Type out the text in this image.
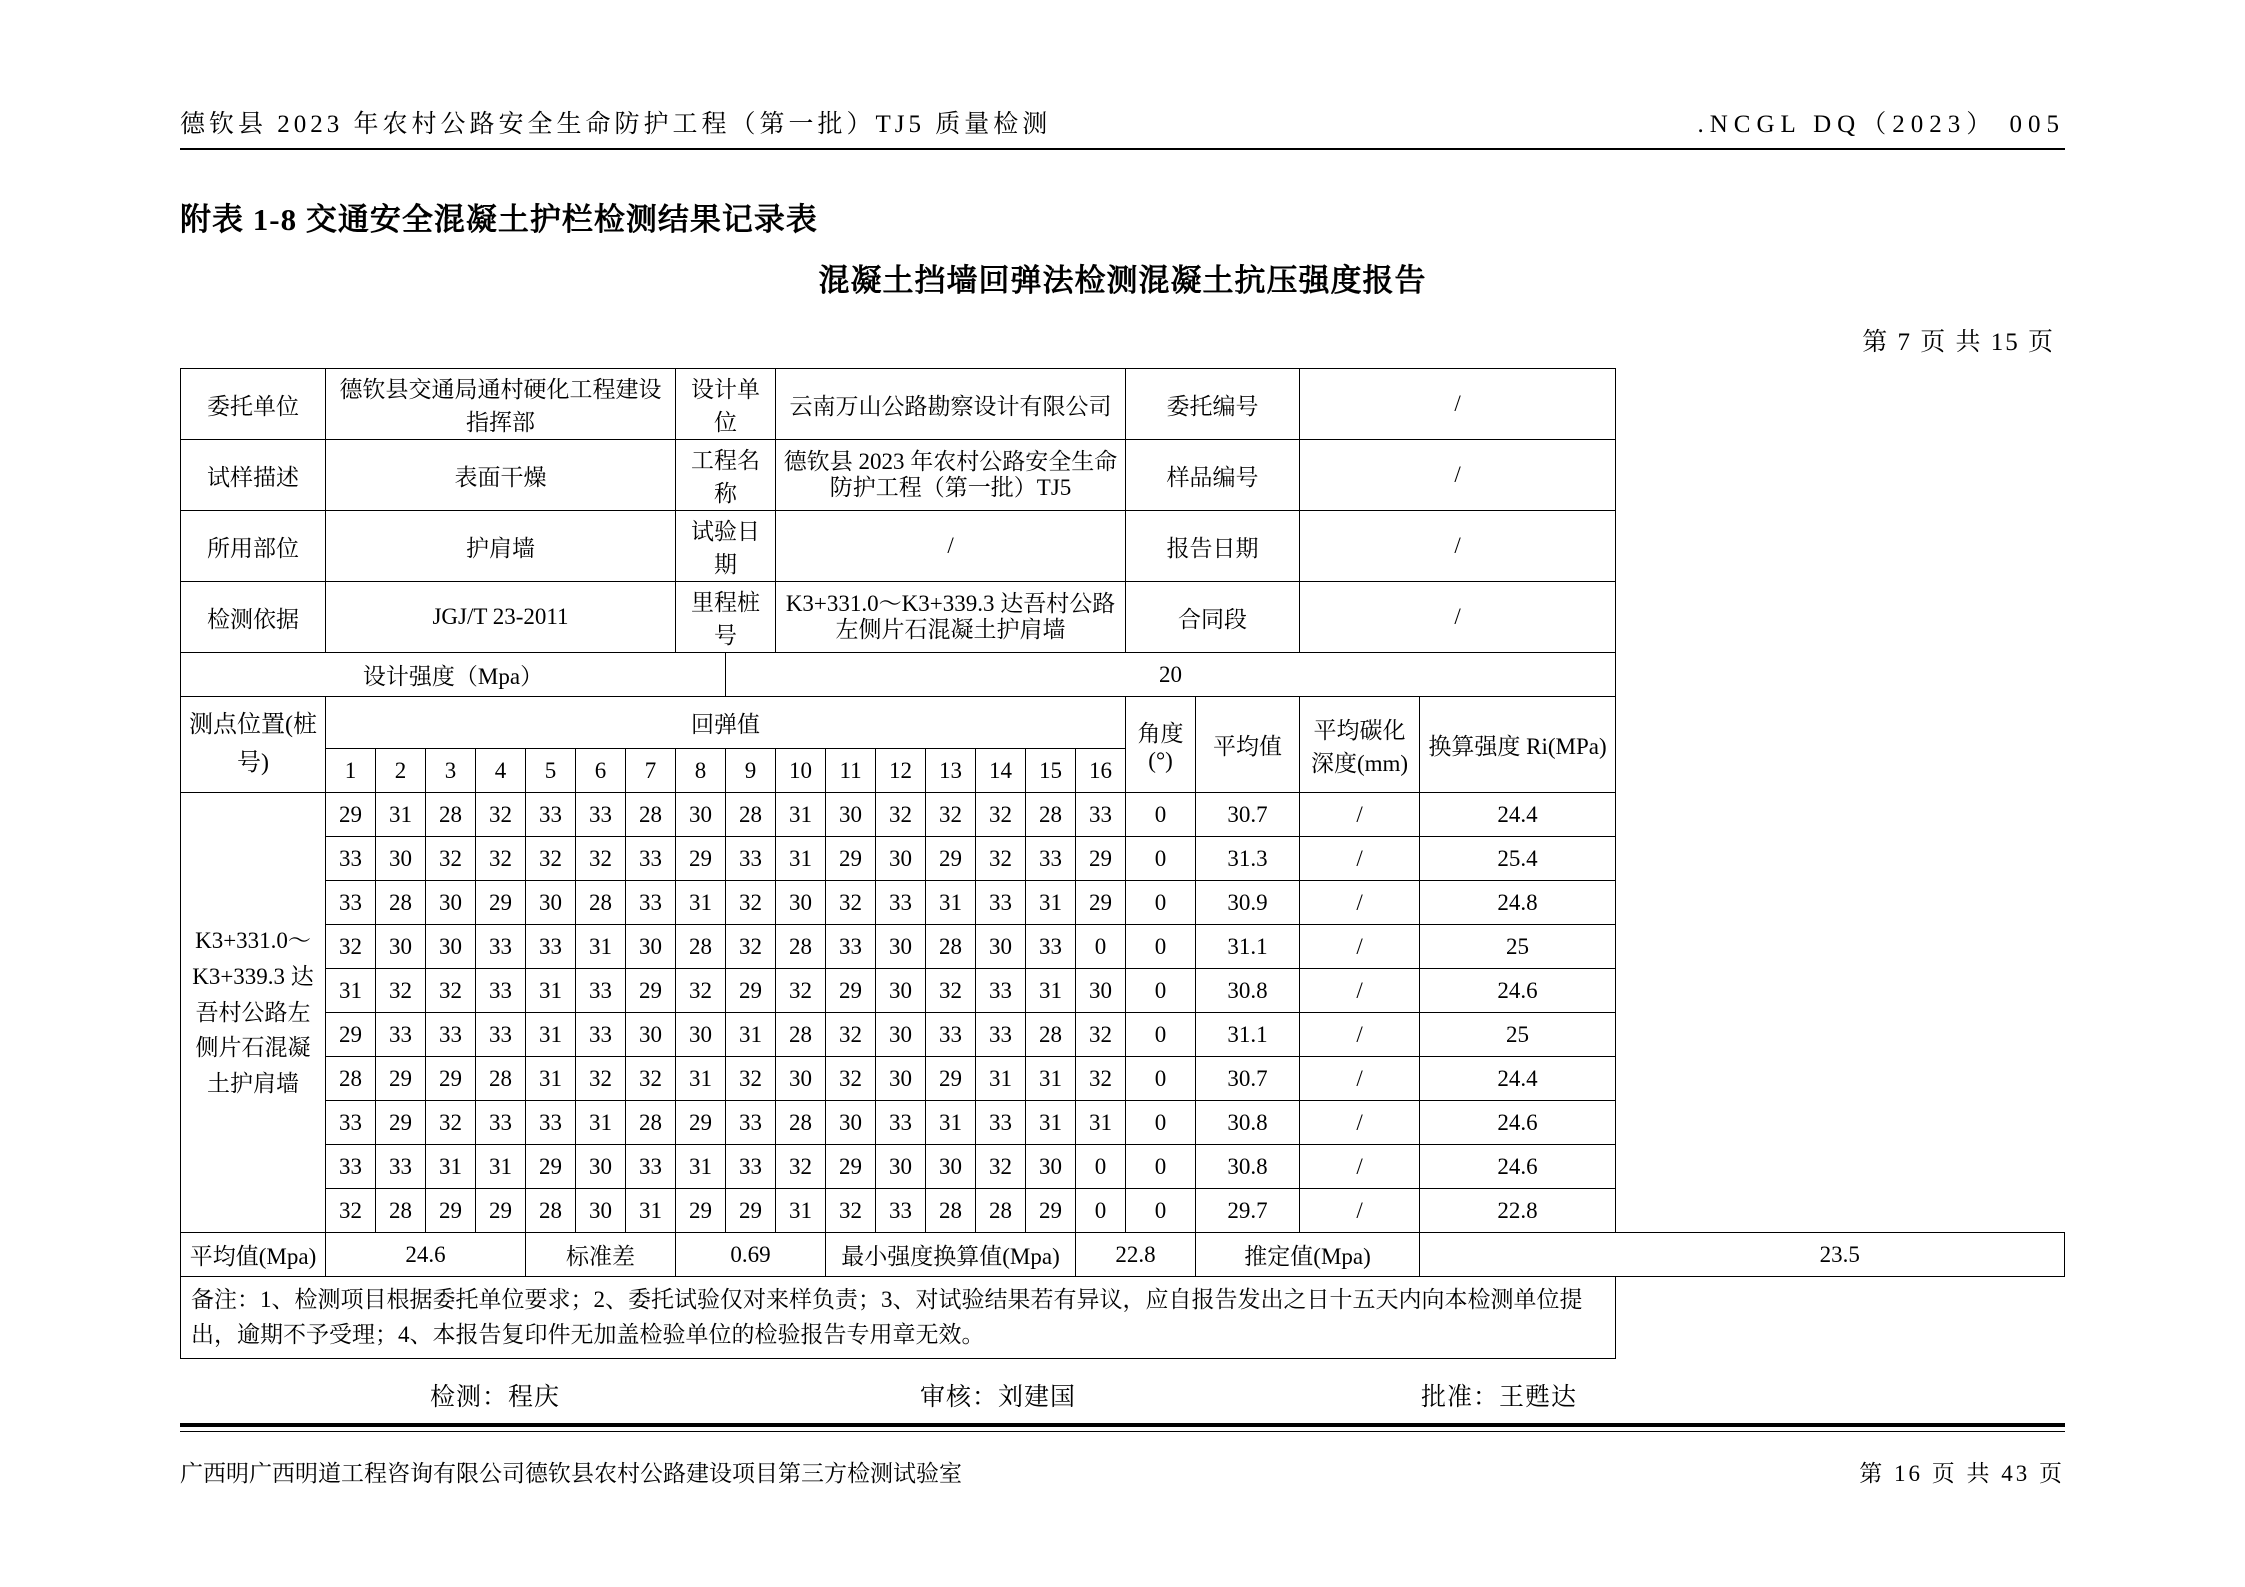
德钦县 2023 年农村公路安全生命防护工程（第一批）TJ5 质量检测	.NCGL DQ（2023） 005
附表 1-8 交通安全混凝土护栏检测结果记录表
混凝土挡墙回弹法检测混凝土抗压强度报告
第 7 页 共 15 页
委托单位	德钦县交通局通村硬化工程建设指挥部							设计单位		云南万山公路勘察设计有限公司							委托编号		/		
试样描述	表面干燥							工程名称		德钦县 2023 年农村公路安全生命防护工程（第一批）TJ5							样品编号		/		
所用部位	护肩墙							试验日期		/							报告日期		/		
检测依据	JGJ/T 23-2011							里程桩号		K3+331.0～K3+339.3 达吾村公路左侧片石混凝土护肩墙							合同段		/		
设计强度（Mpa）									20												
测点位置(桩号)	回弹值																角度(°)	平均值	平均碳化深度(mm)	换算强度 Ri(MPa)	
	1	2	3	4	5	6	7	8	9	10	11	12	13	14	15	16					
K3+331.0～K3+339.3 达吾村公路左侧片石混凝土护肩墙	29	31	28	32	33	33	28	30	28	31	30	32	32	32	28	33	0	30.7	/	24.4	
	33	30	32	32	32	32	33	29	33	31	29	30	29	32	33	29	0	31.3	/	25.4	
	33	28	30	29	30	28	33	31	32	30	32	33	31	33	31	29	0	30.9	/	24.8	
	32	30	30	33	33	31	30	28	32	28	33	30	28	30	33	0	0	31.1	/	25	
	31	32	32	33	31	33	29	32	29	32	29	30	32	33	31	30	0	30.8	/	24.6	
	29	33	33	33	31	33	30	30	31	28	32	30	33	33	28	32	0	31.1	/	25	
	28	29	29	28	31	32	32	31	32	30	32	30	29	31	31	32	0	30.7	/	24.4	
	33	29	32	33	33	31	28	29	33	28	30	33	31	33	31	31	0	30.8	/	24.6	
	33	33	31	31	29	30	33	31	33	32	29	30	30	32	30	0	0	30.8	/	24.6	
	32	28	29	29	28	30	31	29	29	31	32	33	28	28	29	0	0	29.7	/	22.8	
平均值(Mpa)	24.6				标准差			0.69			最小强度换算值(Mpa)					22.8		推定值(Mpa)			23.5
备注：1、检测项目根据委托单位要求；2、委托试验仅对来样负责；3、对试验结果若有异议，应自报告发出之日十五天内向本检测单位提出，逾期不予受理；4、本报告复印件无加盖检验单位的检验报告专用章无效。																					
检测：程庆	审核：刘建国	批准：王甦达
广西明广西明道工程咨询有限公司德钦县农村公路建设项目第三方检测试验室	第 16 页 共 43 页
